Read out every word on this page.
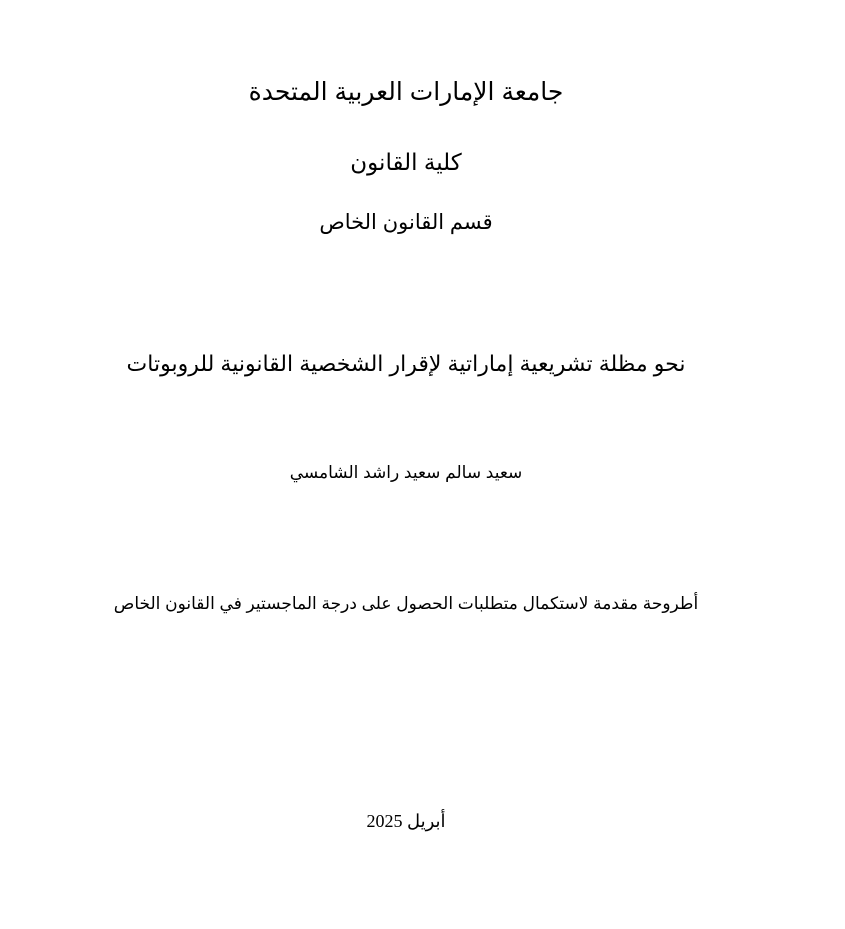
جامعة الإمارات العربية المتحدة
كلية القانون
قسم القانون الخاص
نحو مظلة تشريعية إماراتية لإقرار الشخصية القانونية للروبوتات
سعيد سالم سعيد راشد الشامسي
أطروحة مقدمة لاستكمال متطلبات الحصول على درجة الماجستير في القانون الخاص
أبريل 2025
